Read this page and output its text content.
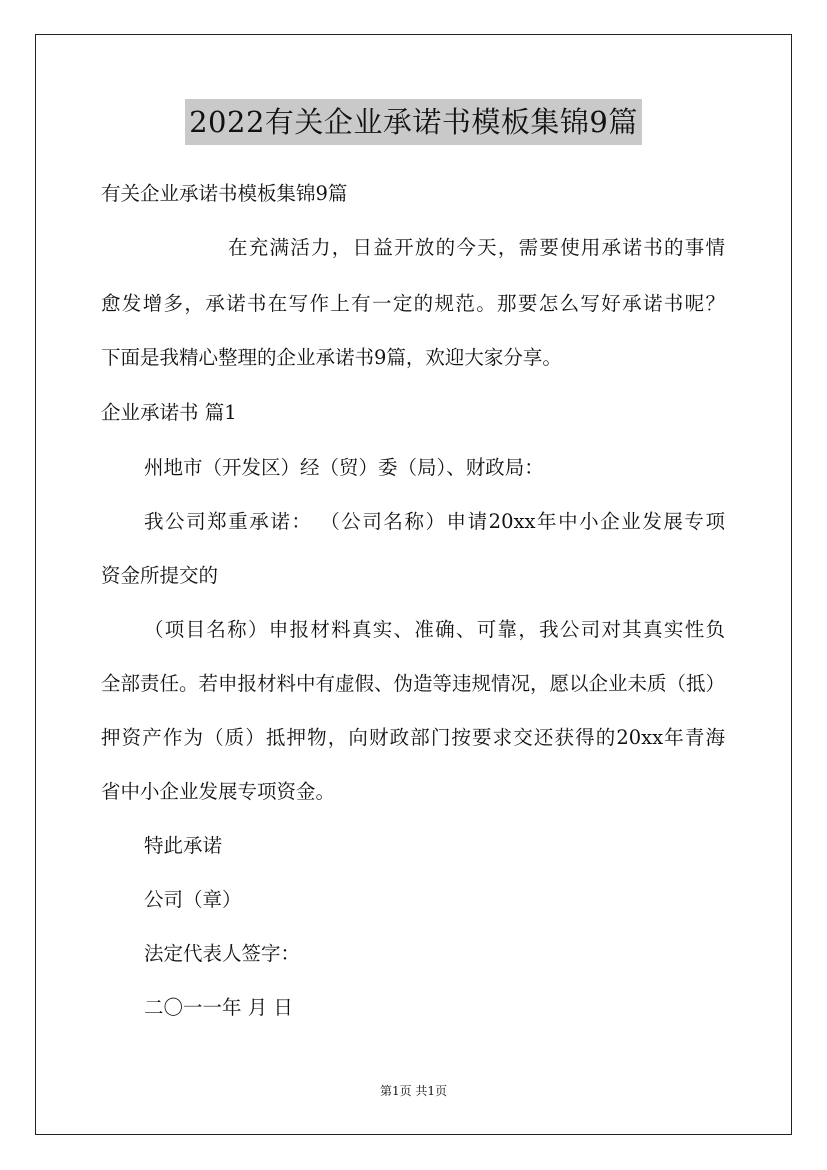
2022有关企业承诺书模板集锦9篇
有关企业承诺书模板集锦9篇
在充满活力，日益开放的今天，需要使用承诺书的事情
愈发增多，承诺书在写作上有一定的规范。那要怎么写好承诺书呢？
下面是我精心整理的企业承诺书9篇，欢迎大家分享。
企业承诺书 篇1
州地市（开发区）经（贸）委（局）、财政局：
我公司郑重承诺： （公司名称）申请20xx年中小企业发展专项
资金所提交的
（项目名称）申报材料真实、准确、可靠，我公司对其真实性负
全部责任。若申报材料中有虚假、伪造等违规情况，愿以企业未质（抵）
押资产作为（质）抵押物，向财政部门按要求交还获得的20xx年青海
省中小企业发展专项资金。
特此承诺
公司（章）
法定代表人签字：
二〇一一年 月 日
第1页 共1页
